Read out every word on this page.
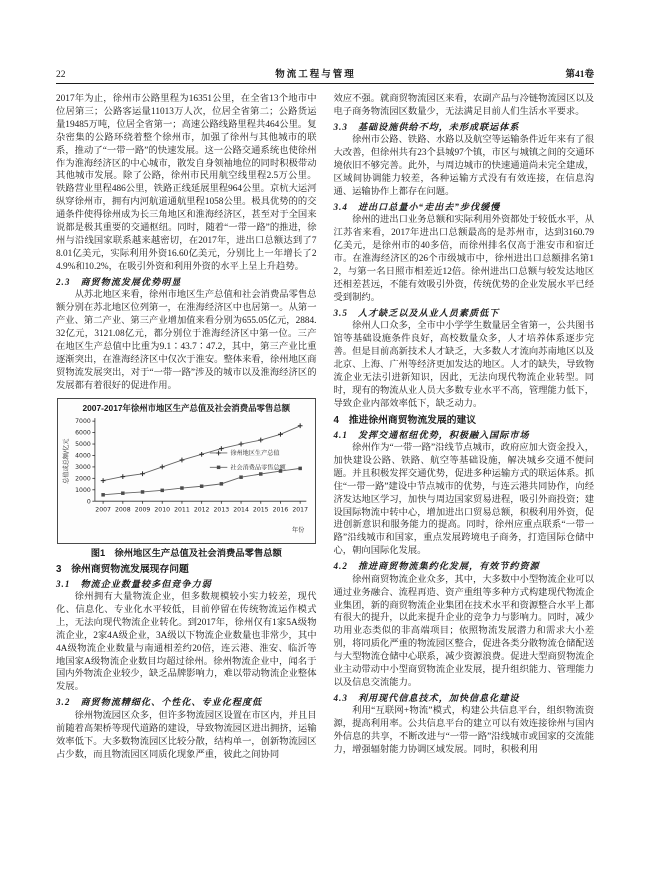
22	物流工程与管理	第41卷

2017年为止，徐州市公路里程为16351公里，在全省13个地市中位居第三；公路客运量11013万人次，位居全省第二；公路货运量19485万吨，位居全省第一；高速公路线路里程共464公里。复杂密集的公路环绕着整个徐州市，加强了徐州与其他城市的联系，推动了“一带一路”的快速发展。这一公路交通系统也使徐州作为淮海经济区的中心城市，散发自身领袖地位的同时积极带动其他城市发展。除了公路，徐州市民用航空线里程2.5万公里。铁路营业里程486公里，铁路正线延展里程964公里。京杭大运河纵穿徐州市，拥有内河航道通航里程1058公里。极具优势的的交通条件使得徐州成为长三角地区和淮海经济区，甚至对于全国来说都是极其重要的交通枢纽。同时，随着“一带一路”的推进，徐州与沿线国家联系越来越密切，在2017年，进出口总额达到了78.01亿美元，实际利用外资16.60亿美元，分别比上一年增长了24.9%和10.2%，在吸引外资和利用外资的水平上呈上升趋势。

2.3　商贸物流发展优势明显

从苏北地区来看，徐州市地区生产总值和社会消费品零售总额分别在苏北地区位列第一，在淮海经济区中也居第一。从第一产业、第二产业、第三产业增加值来看分别为655.05亿元，2884.32亿元，3121.08亿元，都分别位于淮海经济区中第一位。三产在地区生产总值中比重为9.1∶43.7∶47.2，其中，第三产业比重逐渐突出，在淮海经济区中仅次于淮安。整体来看，徐州地区商贸物流发展突出，对于“一带一路”涉及的城市以及淮海经济区的发展都有着很好的促进作用。

2007-2017年徐州市地区生产总值及社会消费品零售总额
0
1000
2000
3000
4000
5000
6000
7000
2007 2008 2009 2010 2011 2012 2013 2014 2015 2016 2017
徐州地区生产总值
社会消费品零售总额
总值或总额/亿元
年份
图1　徐州地区生产总值及社会消费品零售总额
3　徐州商贸物流发展现存问题
3.1　物流企业数量较多但竞争力弱

徐州拥有大量物流企业，但多数规模较小实力较差，现代化、信息化、专业化水平较低，目前停留在传统物流运作模式上，无法向现代物流企业转化。到2017年，徐州仅有1家5A级物流企业，2家4A级企业，3A级以下物流企业数量也非常少，其中4A级物流企业数量与南通相差约20倍，连云港、淮安、临沂等地国家A级物流企业数目均超过徐州。徐州物流企业中，闻名于国内外物流企业较少，缺乏品牌影响力，难以带动物流企业整体发展。

3.2　商贸物流精细化、个性化、专业化程度低

徐州物流园区众多，但许多物流园区设置在市区内，并且目前随着高架桥等现代道路的建设，导致物流园区进出拥挤，运输效率低下。大多数物流园区比较分散，结构单一，创新物流园区占少数，而且物流园区同质化现象严重，彼此之间协同

效应不强。就商贸物流园区来看，农副产品与冷链物流园区以及电子商务物流园区数量少，无法满足目前人们生活水平要求。

3.3　基础设施供给不均，未形成联运体系

徐州市公路、铁路、水路以及航空等运输条件近年来有了很大改善，但徐州共有23个县城97个镇，市区与城镇之间的交通环境依旧不够完善。此外，与周边城市的快速通道尚未完全建成，区域间协调能力较差，各种运输方式没有有效连接，在信息沟通、运输协作上都存在问题。

3.4　进出口总量小“走出去”步伐缓慢

徐州的进出口业务总额和实际利用外资都处于较低水平，从江苏省来看，2017年进出口总额最高的是苏州市，达到3160.79亿美元，是徐州市的40多倍，而徐州排名仅高于淮安市和宿迁市。在淮海经济区的26个市级城市中，徐州进出口总额排名第12，与第一名日照市相差近12倍。徐州进出口总额与较发达地区还相差甚远，不能有效吸引外资，传统优势的企业发展水平已经受到制约。

3.5　人才缺乏以及从业人员素质低下

徐州人口众多，全市中小学学生数量居全省第一，公共图书馆等基础设施条件良好，高校数量众多，人才培养体系逐步完善。但是目前高新技术人才缺乏，大多数人才流向苏南地区以及北京、上海、广州等经济更加发达的地区。人才的缺失，导致物流企业无法引进新知识，因此，无法向现代物流企业转型。同时，现有的物流从业人员大多数专业水平不高，管理能力低下，导致企业内部效率低下，缺乏动力。

4　推进徐州商贸物流发展的建议
4.1　发挥交通枢纽优势，积极融入国际市场

徐州作为“一带一路”沿线节点城市，政府应加大资金投入，加快建设公路、铁路、航空等基础设施，解决城乡交通不便问题。并且积极发挥交通优势，促进多种运输方式的联运体系。抓住“一带一路”建设中节点城市的优势，与连云港共同协作，向经济发达地区学习，加快与周边国家贸易进程，吸引外商投资；建设国际物流中转中心，增加进出口贸易总额，积极利用外资，促进创新意识和服务能力的提高。同时，徐州应重点联系“一带一路”沿线城市和国家，重点发展跨境电子商务，打造国际仓储中心，朝向国际化发展。

4.2　推进商贸物流集约化发展，有效节约资源

徐州商贸物流企业众多，其中，大多数中小型物流企业可以通过业务融合、流程再造、资产重组等多种方式构建现代物流企业集团，新的商贸物流企业集团在技术水平和资源整合水平上都有很大的提升，以此来提升企业的竞争力与影响力。同时，减少功用业态类似的非高端项目；依照物流发展潜力和需求大小差别，将同质化严重的物流园区整合，促进各类分散物流仓储配送与大型物流仓储中心联系，减少资源浪费。促进大型商贸物流企业主动带动中小型商贸物流企业发展，提升组织能力、管理能力以及信息交流能力。

4.3　利用现代信息技术，加快信息化建设

利用“互联网+物流”模式，构建公共信息平台，组织物流资源，提高利用率。公共信息平台的建立可以有效连接徐州与国内外信息的共享，不断改进与“一带一路”沿线城市或国家的交流能力，增强辐射能力协调区域发展。同时，积极利用
